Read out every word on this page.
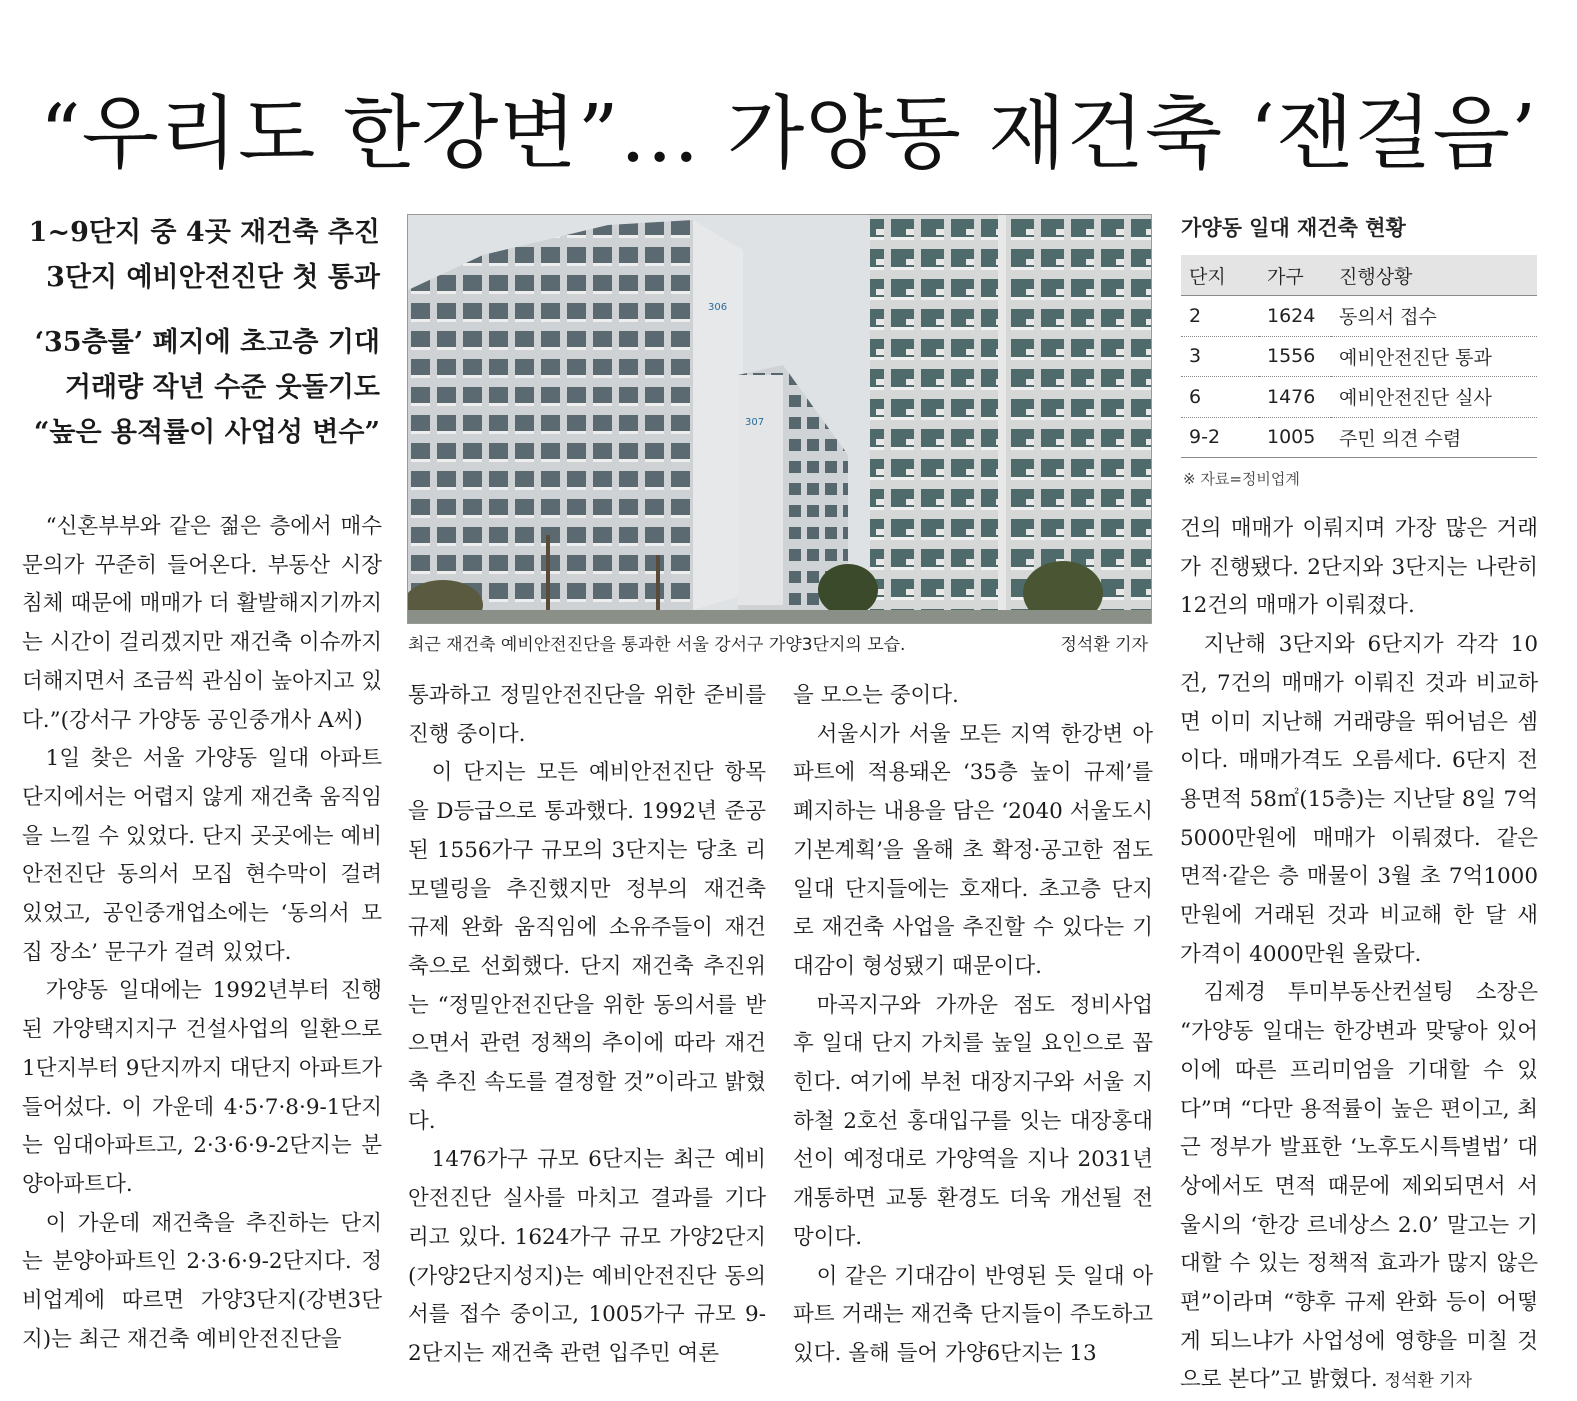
“우리도 한강변”… 가양동 재건축 ‘잰걸음’
1~9단지 중 4곳 재건축 추진
3단지 예비안전진단 첫 통과
‘35층룰’ 폐지에 초고층 기대
거래량 작년 수준 웃돌기도
“높은 용적률이 사업성 변수”
306
307
최근 재건축 예비안전진단을 통과한 서울 강서구 가양3단지의 모습.	정석환 기자
가양동 일대 재건축 현황
단지	가구	진행상황
2	1624	동의서 접수
3	1556	예비안전진단 통과
6	1476	예비안전진단 실사
9-2	1005	주민 의견 수렴
※ 자료=정비업계

“신혼부부와 같은 젊은 층에서 매수 문의가 꾸준히 들어온다. 부동산 시장 침체 때문에 매매가 더 활발해지기까지는 시간이 걸리겠지만 재건축 이슈까지 더해지면서 조금씩 관심이 높아지고 있다.”(강서구 가양동 공인중개사 A씨)

1일 찾은 서울 가양동 일대 아파트 단지에서는 어렵지 않게 재건축 움직임을 느낄 수 있었다. 단지 곳곳에는 예비안전진단 동의서 모집 현수막이 걸려 있었고, 공인중개업소에는 ‘동의서 모집 장소’ 문구가 걸려 있었다.

가양동 일대에는 1992년부터 진행된 가양택지지구 건설사업의 일환으로 1단지부터 9단지까지 대단지 아파트가 들어섰다. 이 가운데 4·5·7·8·9-1단지는 임대아파트고, 2·3·6·9-2단지는 분양아파트다.

이 가운데 재건축을 추진하는 단지는 분양아파트인 2·3·6·9-2단지다. 정비업계에 따르면 가양3단지(강변3단지)는 최근 재건축 예비안전진단을

통과하고 정밀안전진단을 위한 준비를 진행 중이다.

이 단지는 모든 예비안전진단 항목을 D등급으로 통과했다. 1992년 준공된 1556가구 규모의 3단지는 당초 리모델링을 추진했지만 정부의 재건축 규제 완화 움직임에 소유주들이 재건축으로 선회했다. 단지 재건축 추진위는 “정밀안전진단을 위한 동의서를 받으면서 관련 정책의 추이에 따라 재건축 추진 속도를 결정할 것”이라고 밝혔다.

1476가구 규모 6단지는 최근 예비안전진단 실사를 마치고 결과를 기다리고 있다. 1624가구 규모 가양2단지(가양2단지성지)는 예비안전진단 동의서를 접수 중이고, 1005가구 규모 9-2단지는 재건축 관련 입주민 여론

을 모으는 중이다.

서울시가 서울 모든 지역 한강변 아파트에 적용돼온 ‘35층 높이 규제’를 폐지하는 내용을 담은 ‘2040 서울도시기본계획’을 올해 초 확정·공고한 점도 일대 단지들에는 호재다. 초고층 단지로 재건축 사업을 추진할 수 있다는 기대감이 형성됐기 때문이다.

마곡지구와 가까운 점도 정비사업 후 일대 단지 가치를 높일 요인으로 꼽힌다. 여기에 부천 대장지구와 서울 지하철 2호선 홍대입구를 잇는 대장홍대선이 예정대로 가양역을 지나 2031년 개통하면 교통 환경도 더욱 개선될 전망이다.

이 같은 기대감이 반영된 듯 일대 아파트 거래는 재건축 단지들이 주도하고 있다. 올해 들어 가양6단지는 13

건의 매매가 이뤄지며 가장 많은 거래가 진행됐다. 2단지와 3단지는 나란히 12건의 매매가 이뤄졌다.

지난해 3단지와 6단지가 각각 10건, 7건의 매매가 이뤄진 것과 비교하면 이미 지난해 거래량을 뛰어넘은 셈이다. 매매가격도 오름세다. 6단지 전용면적 58㎡(15층)는 지난달 8일 7억5000만원에 매매가 이뤄졌다. 같은 면적·같은 층 매물이 3월 초 7억1000만원에 거래된 것과 비교해 한 달 새 가격이 4000만원 올랐다.

김제경 투미부동산컨설팅 소장은 “가양동 일대는 한강변과 맞닿아 있어 이에 따른 프리미엄을 기대할 수 있다”며 “다만 용적률이 높은 편이고, 최근 정부가 발표한 ‘노후도시특별법’ 대상에서도 면적 때문에 제외되면서 서울시의 ‘한강 르네상스 2.0’ 말고는 기대할 수 있는 정책적 효과가 많지 않은 편”이라며 “향후 규제 완화 등이 어떻게 되느냐가 사업성에 영향을 미칠 것으로 본다”고 밝혔다. 정석환 기자
